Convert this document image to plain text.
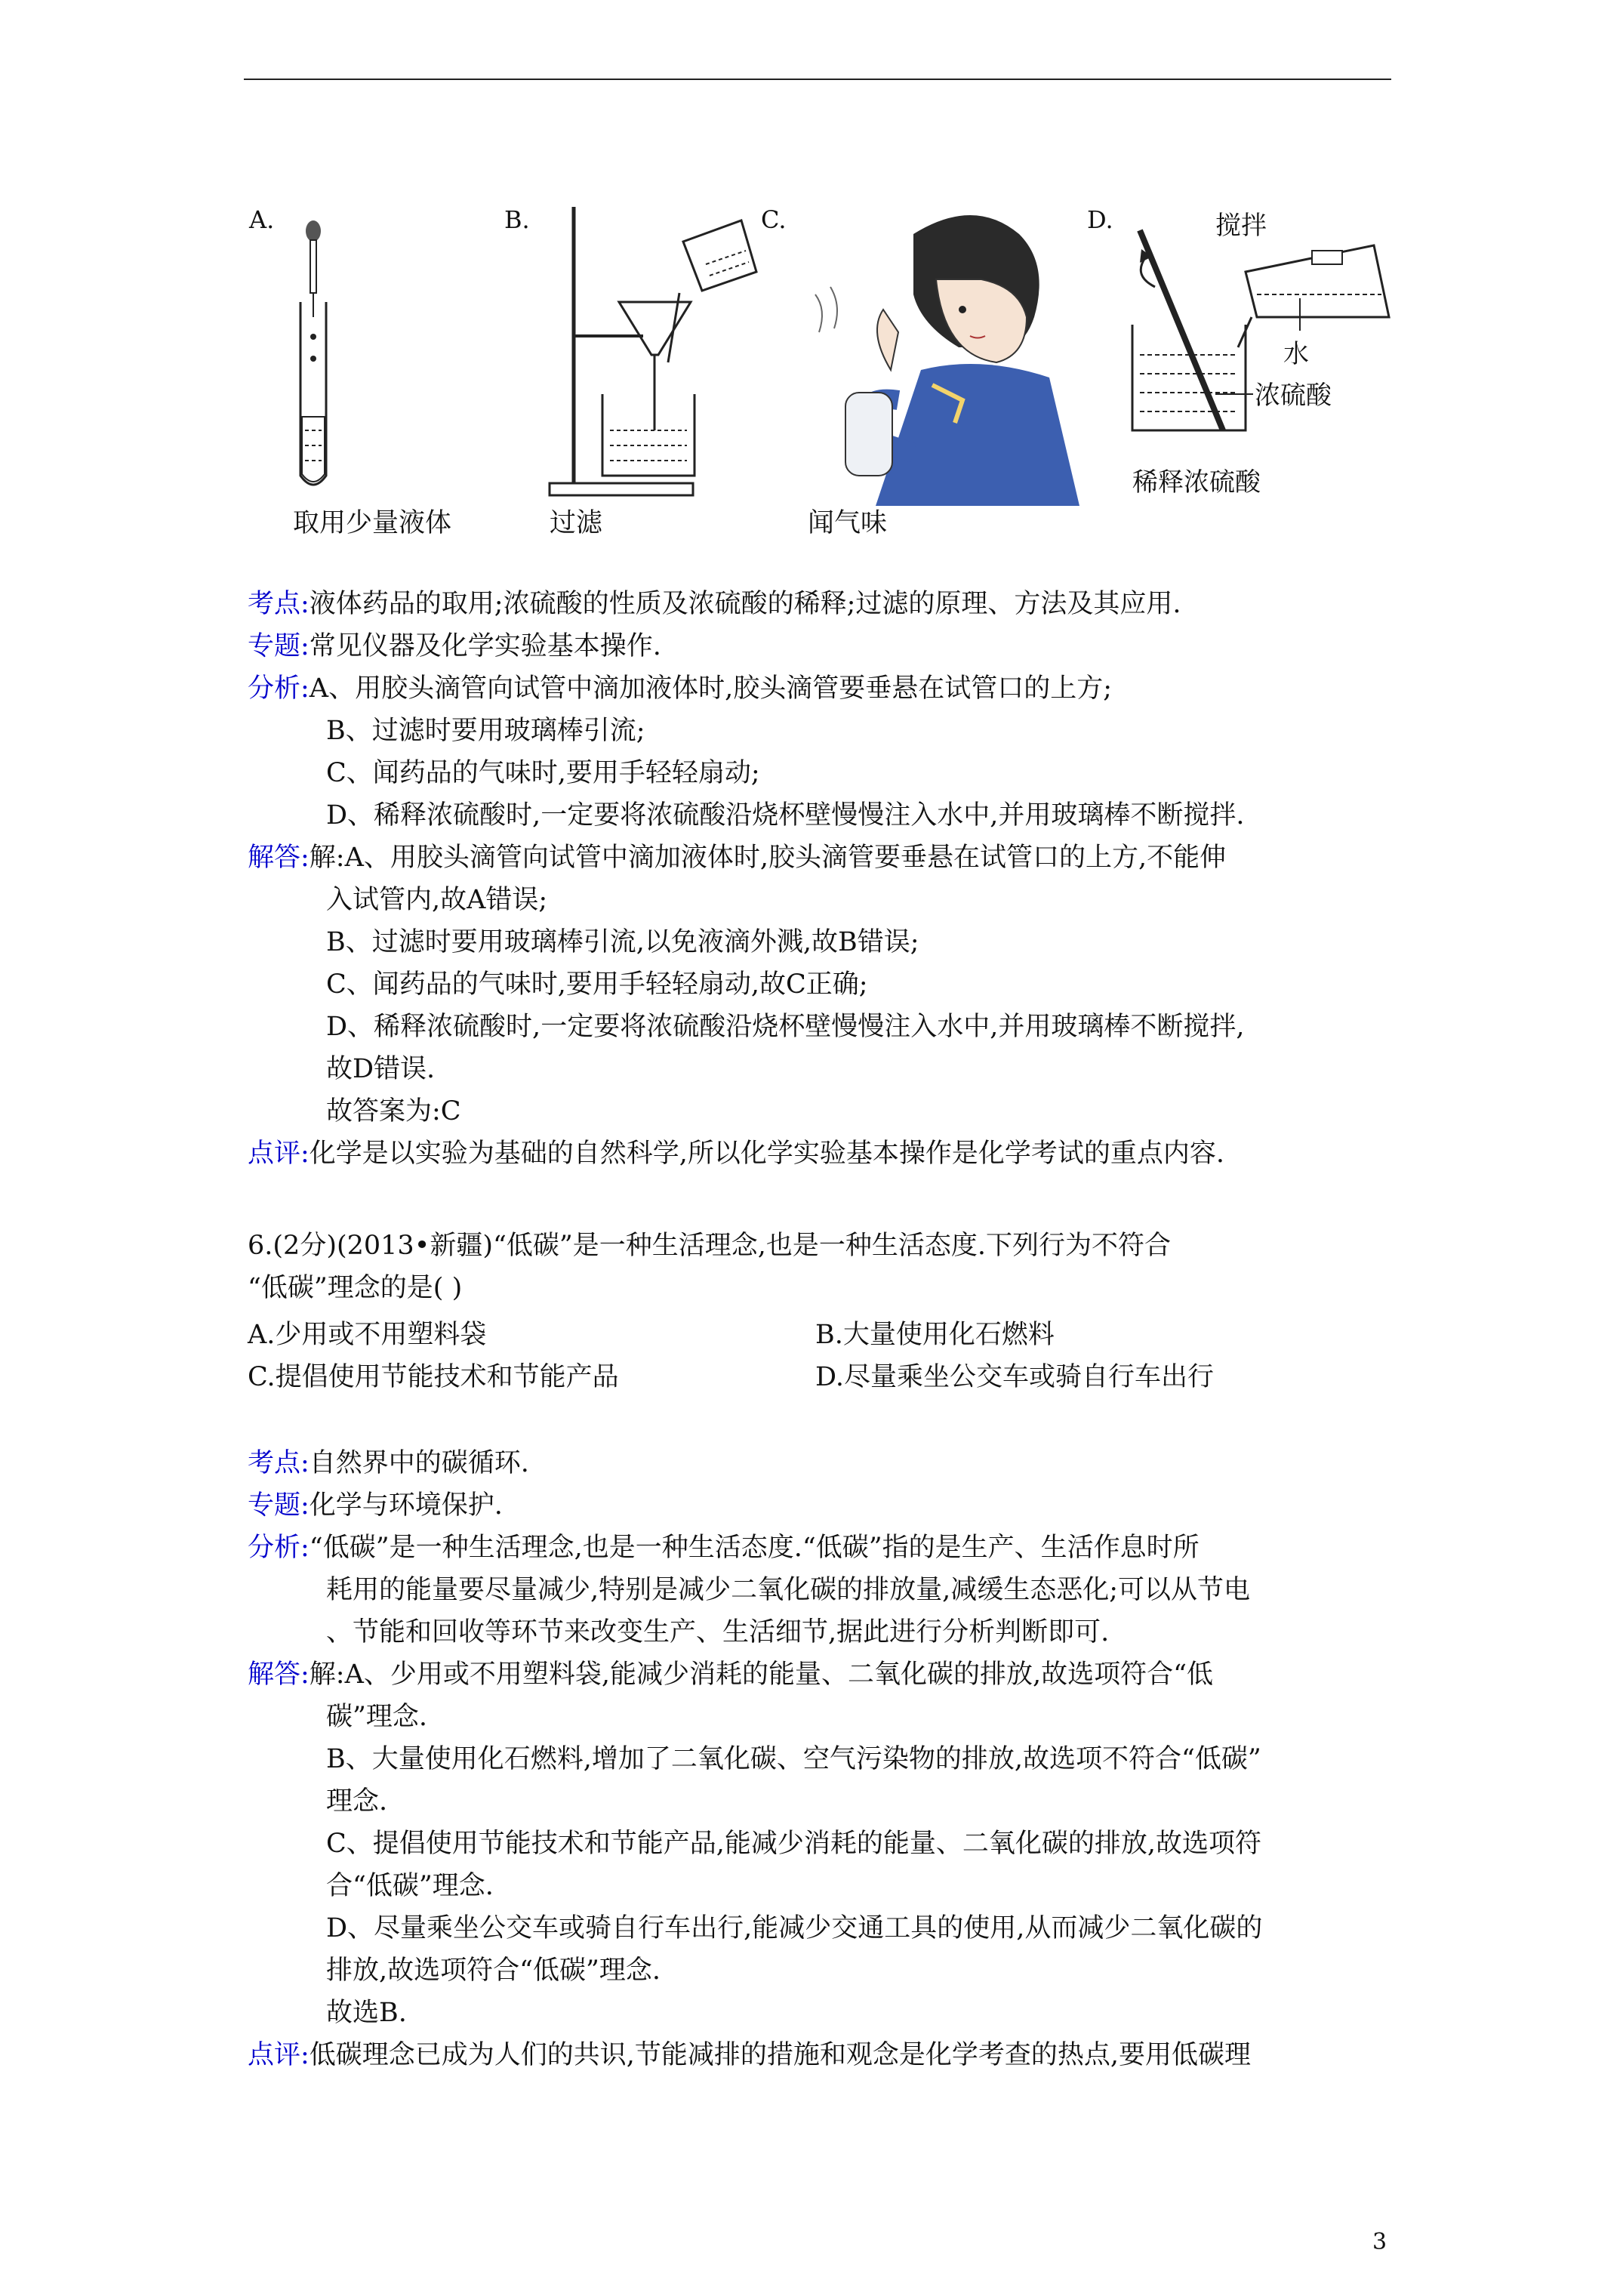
A.
取用少量液体
B.
过滤
C.
闻气味
D.	搅拌
水
浓硫酸
稀释浓硫酸
考点:液体药品的取用;浓硫酸的性质及浓硫酸的稀释;过滤的原理、方法及其应用.
专题:常见仪器及化学实验基本操作.
分析:A、用胶头滴管向试管中滴加液体时,胶头滴管要垂悬在试管口的上方;
B、过滤时要用玻璃棒引流;
C、闻药品的气味时,要用手轻轻扇动;
D、稀释浓硫酸时,一定要将浓硫酸沿烧杯壁慢慢注入水中,并用玻璃棒不断搅拌.
解答:解:A、用胶头滴管向试管中滴加液体时,胶头滴管要垂悬在试管口的上方,不能伸
入试管内,故A错误;
B、过滤时要用玻璃棒引流,以免液滴外溅,故B错误;
C、闻药品的气味时,要用手轻轻扇动,故C正确;
D、稀释浓硫酸时,一定要将浓硫酸沿烧杯壁慢慢注入水中,并用玻璃棒不断搅拌,
故D错误.
故答案为:C
点评:化学是以实验为基础的自然科学,所以化学实验基本操作是化学考试的重点内容.
6.(2分)(2013•新疆)“低碳”是一种生活理念,也是一种生活态度.下列行为不符合
“低碳”理念的是( )
A.少用或不用塑料袋	B.大量使用化石燃料
C.提倡使用节能技术和节能产品	D.尽量乘坐公交车或骑自行车出行
考点:自然界中的碳循环.
专题:化学与环境保护.
分析:“低碳”是一种生活理念,也是一种生活态度.“低碳”指的是生产、生活作息时所
耗用的能量要尽量减少,特别是减少二氧化碳的排放量,减缓生态恶化;可以从节电
、节能和回收等环节来改变生产、生活细节,据此进行分析判断即可.
解答:解:A、少用或不用塑料袋,能减少消耗的能量、二氧化碳的排放,故选项符合“低
碳”理念.
B、大量使用化石燃料,增加了二氧化碳、空气污染物的排放,故选项不符合“低碳”
理念.
C、提倡使用节能技术和节能产品,能减少消耗的能量、二氧化碳的排放,故选项符
合“低碳”理念.
D、尽量乘坐公交车或骑自行车出行,能减少交通工具的使用,从而减少二氧化碳的
排放,故选项符合“低碳”理念.
故选B.
点评:低碳理念已成为人们的共识,节能减排的措施和观念是化学考查的热点,要用低碳理
3
